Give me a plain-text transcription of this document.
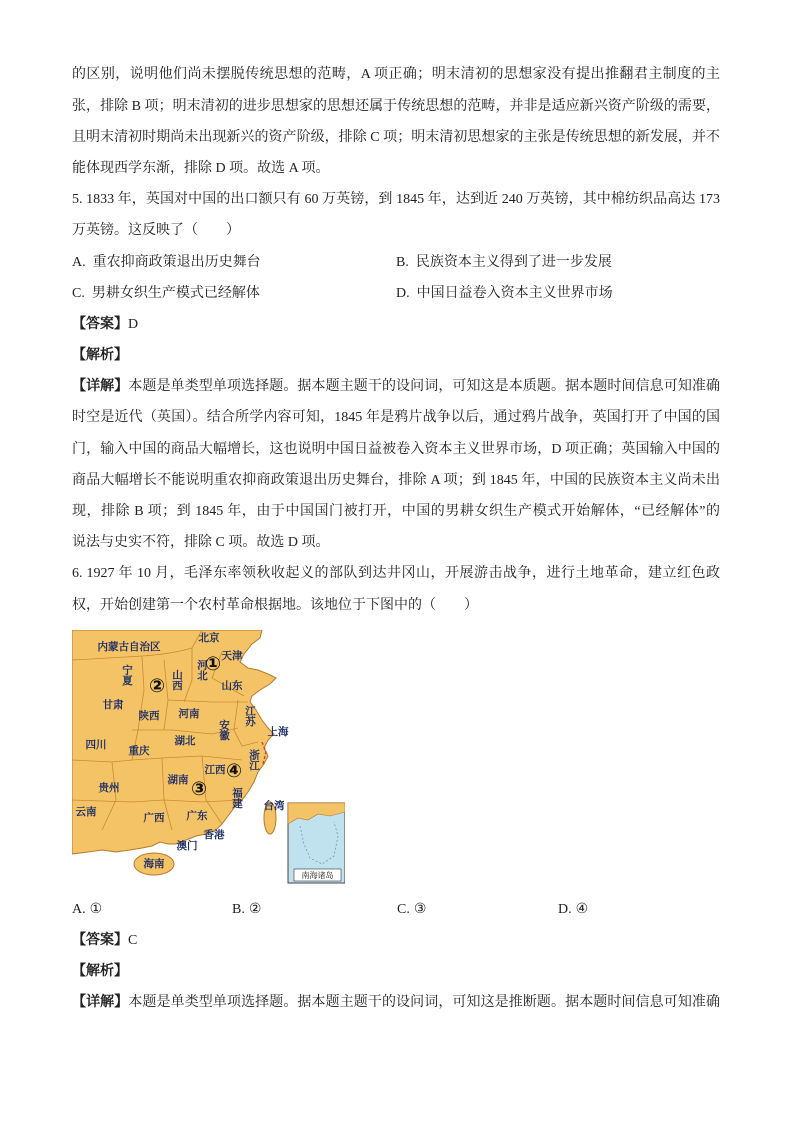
的区别，说明他们尚未摆脱传统思想的范畴，A 项正确；明末清初的思想家没有提出推翻君主制度的主
张，排除 B 项；明末清初的进步思想家的思想还属于传统思想的范畴，并非是适应新兴资产阶级的需要，
且明末清初时期尚未出现新兴的资产阶级，排除 C 项；明末清初思想家的主张是传统思想的新发展，并不
能体现西学东渐，排除 D 项。故选 A 项。
5. 1833 年，英国对中国的出口额只有 60 万英镑，到 1845 年，达到近 240 万英镑，其中棉纺织品高达 173
万英镑。这反映了（　　）
A. 重农抑商政策退出历史舞台	B. 民族资本主义得到了进一步发展
C. 男耕女织生产模式已经解体	D. 中国日益卷入资本主义世界市场
【答案】D
【解析】
【详解】本题是单类型单项选择题。据本题主题干的设问词，可知这是本质题。据本题时间信息可知准确
时空是近代（英国）。结合所学内容可知，1845 年是鸦片战争以后，通过鸦片战争，英国打开了中国的国
门，输入中国的商品大幅增长，这也说明中国日益被卷入资本主义世界市场，D 项正确；英国输入中国的
商品大幅增长不能说明重农抑商政策退出历史舞台，排除 A 项；到 1845 年，中国的民族资本主义尚未出
现，排除 B 项；到 1845 年，由于中国国门被打开，中国的男耕女织生产模式开始解体，“已经解体”的
说法与史实不符，排除 C 项。故选 D 项。
6. 1927 年 10 月，毛泽东率领秋收起义的部队到达井冈山，开展游击战争，进行土地革命，建立红色政
权，开始创建第一个农村革命根据地。该地位于下图中的（　　）
南海诸岛
北京
天津
内蒙古自治区
河北
山西
宁夏
山东
甘肃
陕西 河南
安徽
江苏
上海
四川 重庆
湖北
浙江
江西
湖南
福建
贵州
台湾
云南	广西 广东
香港
澳门
海南
①
②
③
④
A. ①	B. ②	C. ③	D. ④
【答案】C
【解析】
【详解】本题是单类型单项选择题。据本题主题干的设问词，可知这是推断题。据本题时间信息可知准确
